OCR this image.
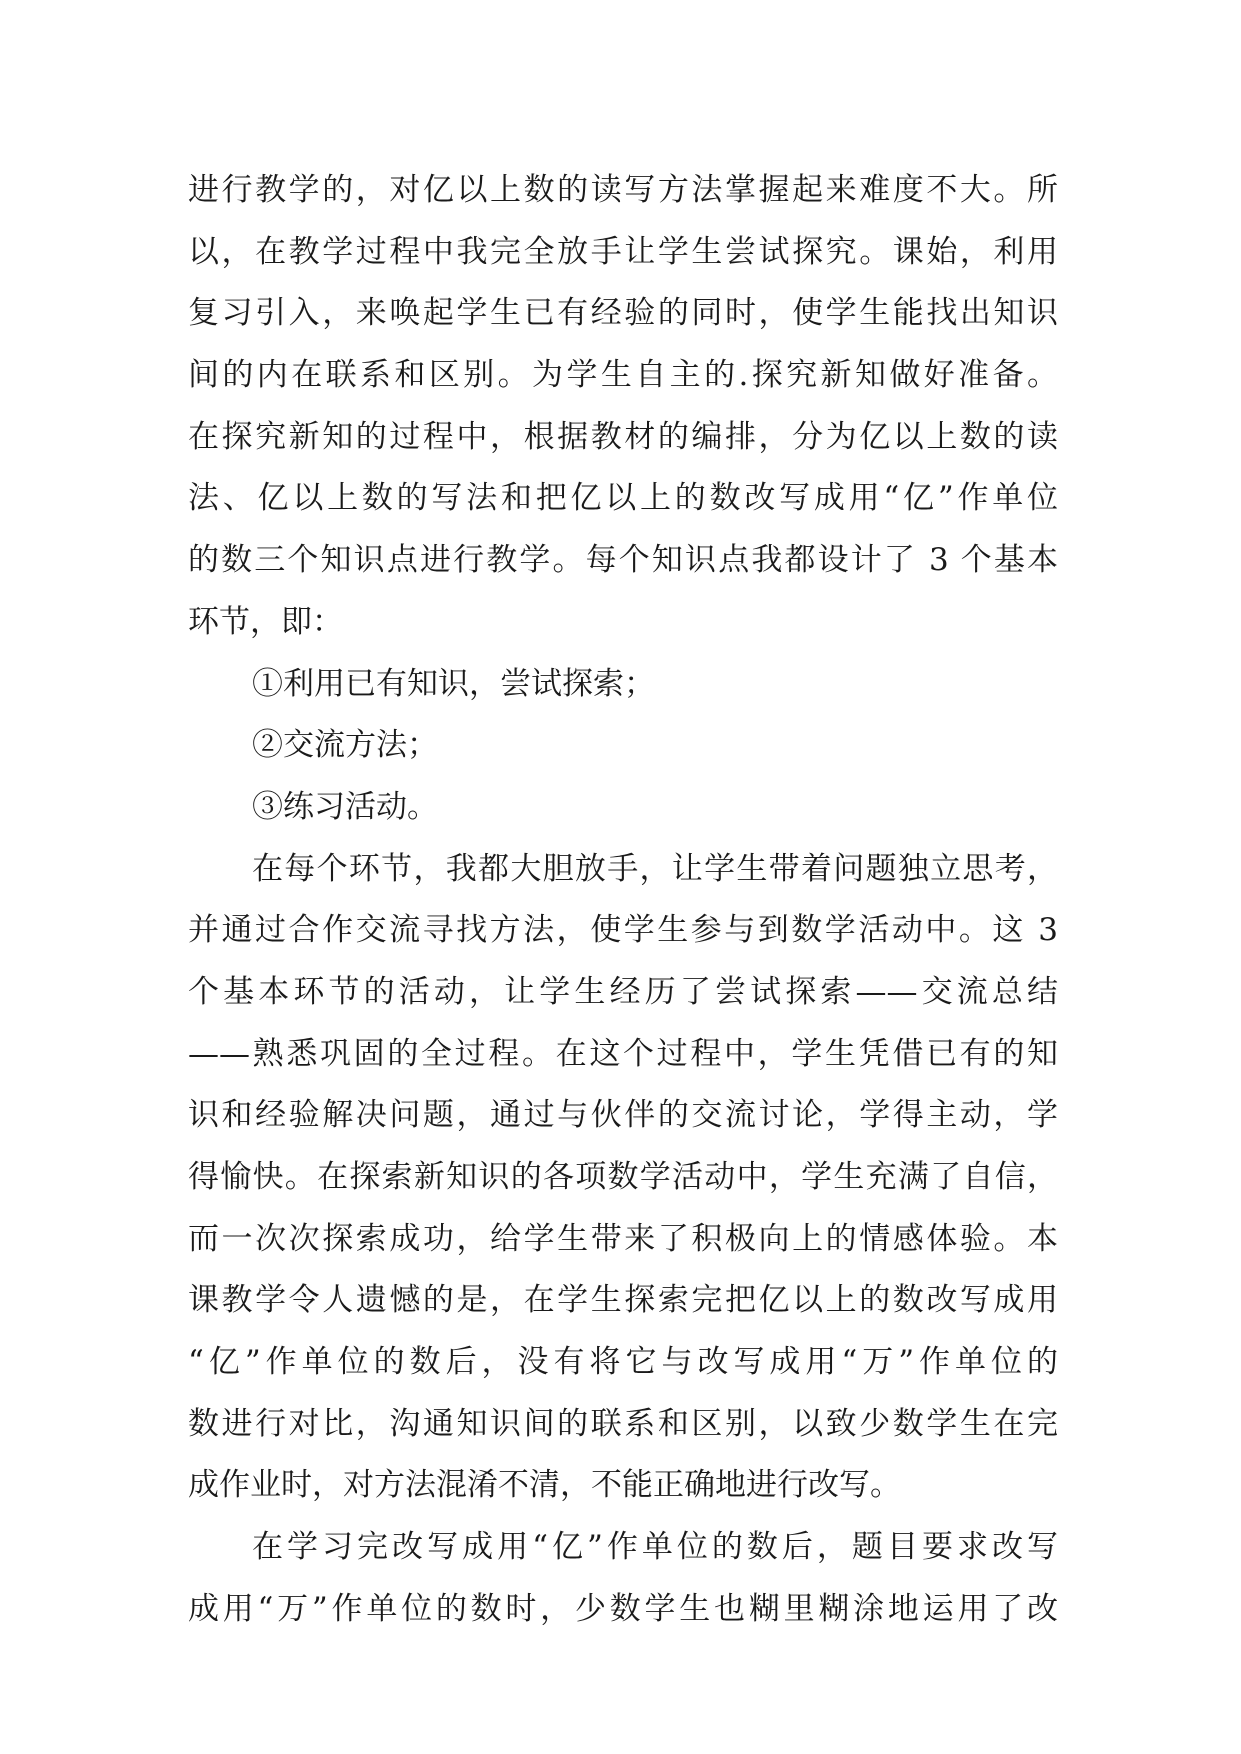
进行教学的，对亿以上数的读写方法掌握起来难度不大。所
以，在教学过程中我完全放手让学生尝试探究。课始，利用
复习引入，来唤起学生已有经验的同时，使学生能找出知识
间的内在联系和区别。为学生自主的.探究新知做好准备。
在探究新知的过程中，根据教材的编排，分为亿以上数的读
法、亿以上数的写法和把亿以上的数改写成用“亿”作单位
的数三个知识点进行教学。每个知识点我都设计了 3 个基本
环节，即：
①利用已有知识，尝试探索；
②交流方法；
③练习活动。
在每个环节，我都大胆放手，让学生带着问题独立思考，
并通过合作交流寻找方法，使学生参与到数学活动中。这 3
个基本环节的活动，让学生经历了尝试探索——交流总结
——熟悉巩固的全过程。在这个过程中，学生凭借已有的知
识和经验解决问题，通过与伙伴的交流讨论，学得主动，学
得愉快。在探索新知识的各项数学活动中，学生充满了自信，
而一次次探索成功，给学生带来了积极向上的情感体验。本
课教学令人遗憾的是，在学生探索完把亿以上的数改写成用
“亿”作单位的数后，没有将它与改写成用“万”作单位的
数进行对比，沟通知识间的联系和区别，以致少数学生在完
成作业时，对方法混淆不清，不能正确地进行改写。
在学习完改写成用“亿”作单位的数后，题目要求改写
成用“万”作单位的数时，少数学生也糊里糊涂地运用了改
